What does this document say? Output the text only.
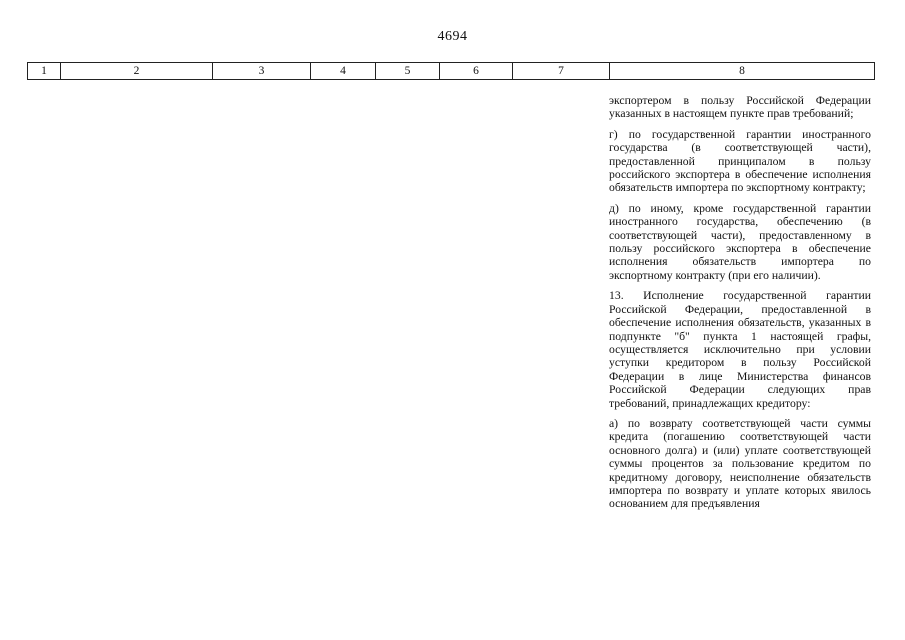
4694
1	2	3	4	5	6	7	8

экспортером в пользу Российской Федерации указанных в настоящем пункте прав требований;

г) по государственной гарантии иностранного государства (в соответствующей части), предоставленной принципалом в пользу российского экспортера в обеспечение исполнения обязательств импортера по экспортному контракту;

д) по иному, кроме государственной гарантии иностранного государства, обеспечению (в соответствующей части), предоставленному в пользу российского экспортера в обеспечение исполнения обязательств импортера по экспортному контракту (при его наличии).

13. Исполнение государственной гарантии Российской Федерации, предоставленной в обеспечение исполнения обязательств, указанных в подпункте "б" пункта 1 настоящей графы, осуществляется исключительно при условии уступки кредитором в пользу Российской Федерации в лице Министерства финансов Российской Федерации следующих прав требований, принадлежащих кредитору:

а) по возврату соответствующей части суммы кредита (погашению соответствующей части основного долга) и (или) уплате соответствующей суммы процентов за пользование кредитом по кредитному договору, неисполнение обязательств импортера по возврату и уплате которых явилось основанием для предъявления
